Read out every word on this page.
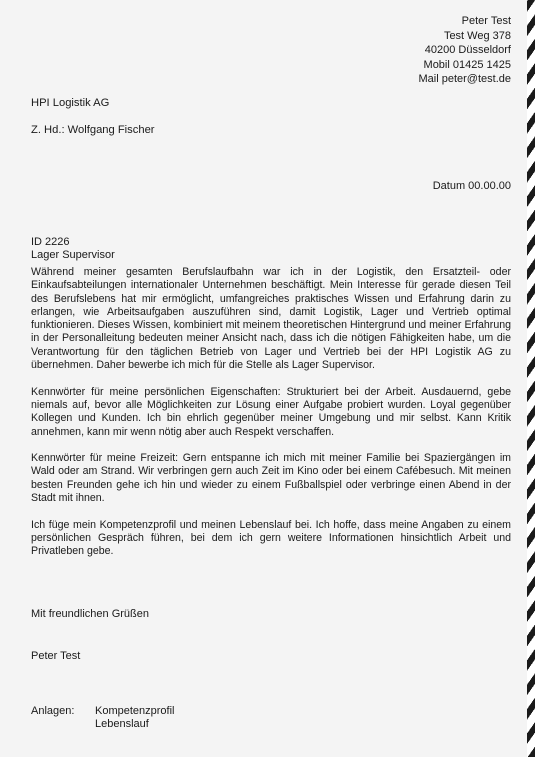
Peter Test
Test Weg 378
40200 Düsseldorf
Mobil 01425 1425
Mail peter@test.de
HPI Logistik AG
Z. Hd.: Wolfgang Fischer
Datum 00.00.00
ID 2226
Lager Supervisor

Während meiner gesamten Berufslaufbahn war ich in der Logistik, den Ersatzteil- oder Einkaufsabteilungen internationaler Unternehmen beschäftigt. Mein Interesse für gerade diesen Teil des Berufslebens hat mir ermöglicht, umfangreiches praktisches Wissen und Erfahrung darin zu erlangen, wie Arbeitsaufgaben auszuführen sind, damit Logistik, Lager und Vertrieb optimal funktionieren. Dieses Wissen, kombiniert mit meinem theoretischen Hintergrund und meiner Erfahrung in der Personalleitung bedeuten meiner Ansicht nach, dass ich die nötigen Fähigkeiten habe, um die Verantwortung für den täglichen Betrieb von Lager und Vertrieb bei der HPI Logistik AG zu übernehmen. Daher bewerbe ich mich für die Stelle als Lager Supervisor.

Kennwörter für meine persönlichen Eigenschaften: Strukturiert bei der Arbeit. Ausdauernd, gebe niemals auf, bevor alle Möglichkeiten zur Lösung einer Aufgabe probiert wurden. Loyal gegenüber Kollegen und Kunden. Ich bin ehrlich gegenüber meiner Umgebung und mir selbst. Kann Kritik annehmen, kann mir wenn nötig aber auch Respekt verschaffen.

Kennwörter für meine Freizeit: Gern entspanne ich mich mit meiner Familie bei Spaziergängen im Wald oder am Strand. Wir verbringen gern auch Zeit im Kino oder bei einem Cafébesuch. Mit meinen besten Freunden gehe ich hin und wieder zu einem Fußballspiel oder verbringe einen Abend in der Stadt mit ihnen.

Ich füge mein Kompetenzprofil und meinen Lebenslauf bei. Ich hoffe, dass meine Angaben zu einem persönlichen Gespräch führen, bei dem ich gern weitere Informationen hinsichtlich Arbeit und Privatleben gebe.

Mit freundlichen Grüßen
Peter Test
Anlagen: Kompetenzprofil
Lebenslauf
